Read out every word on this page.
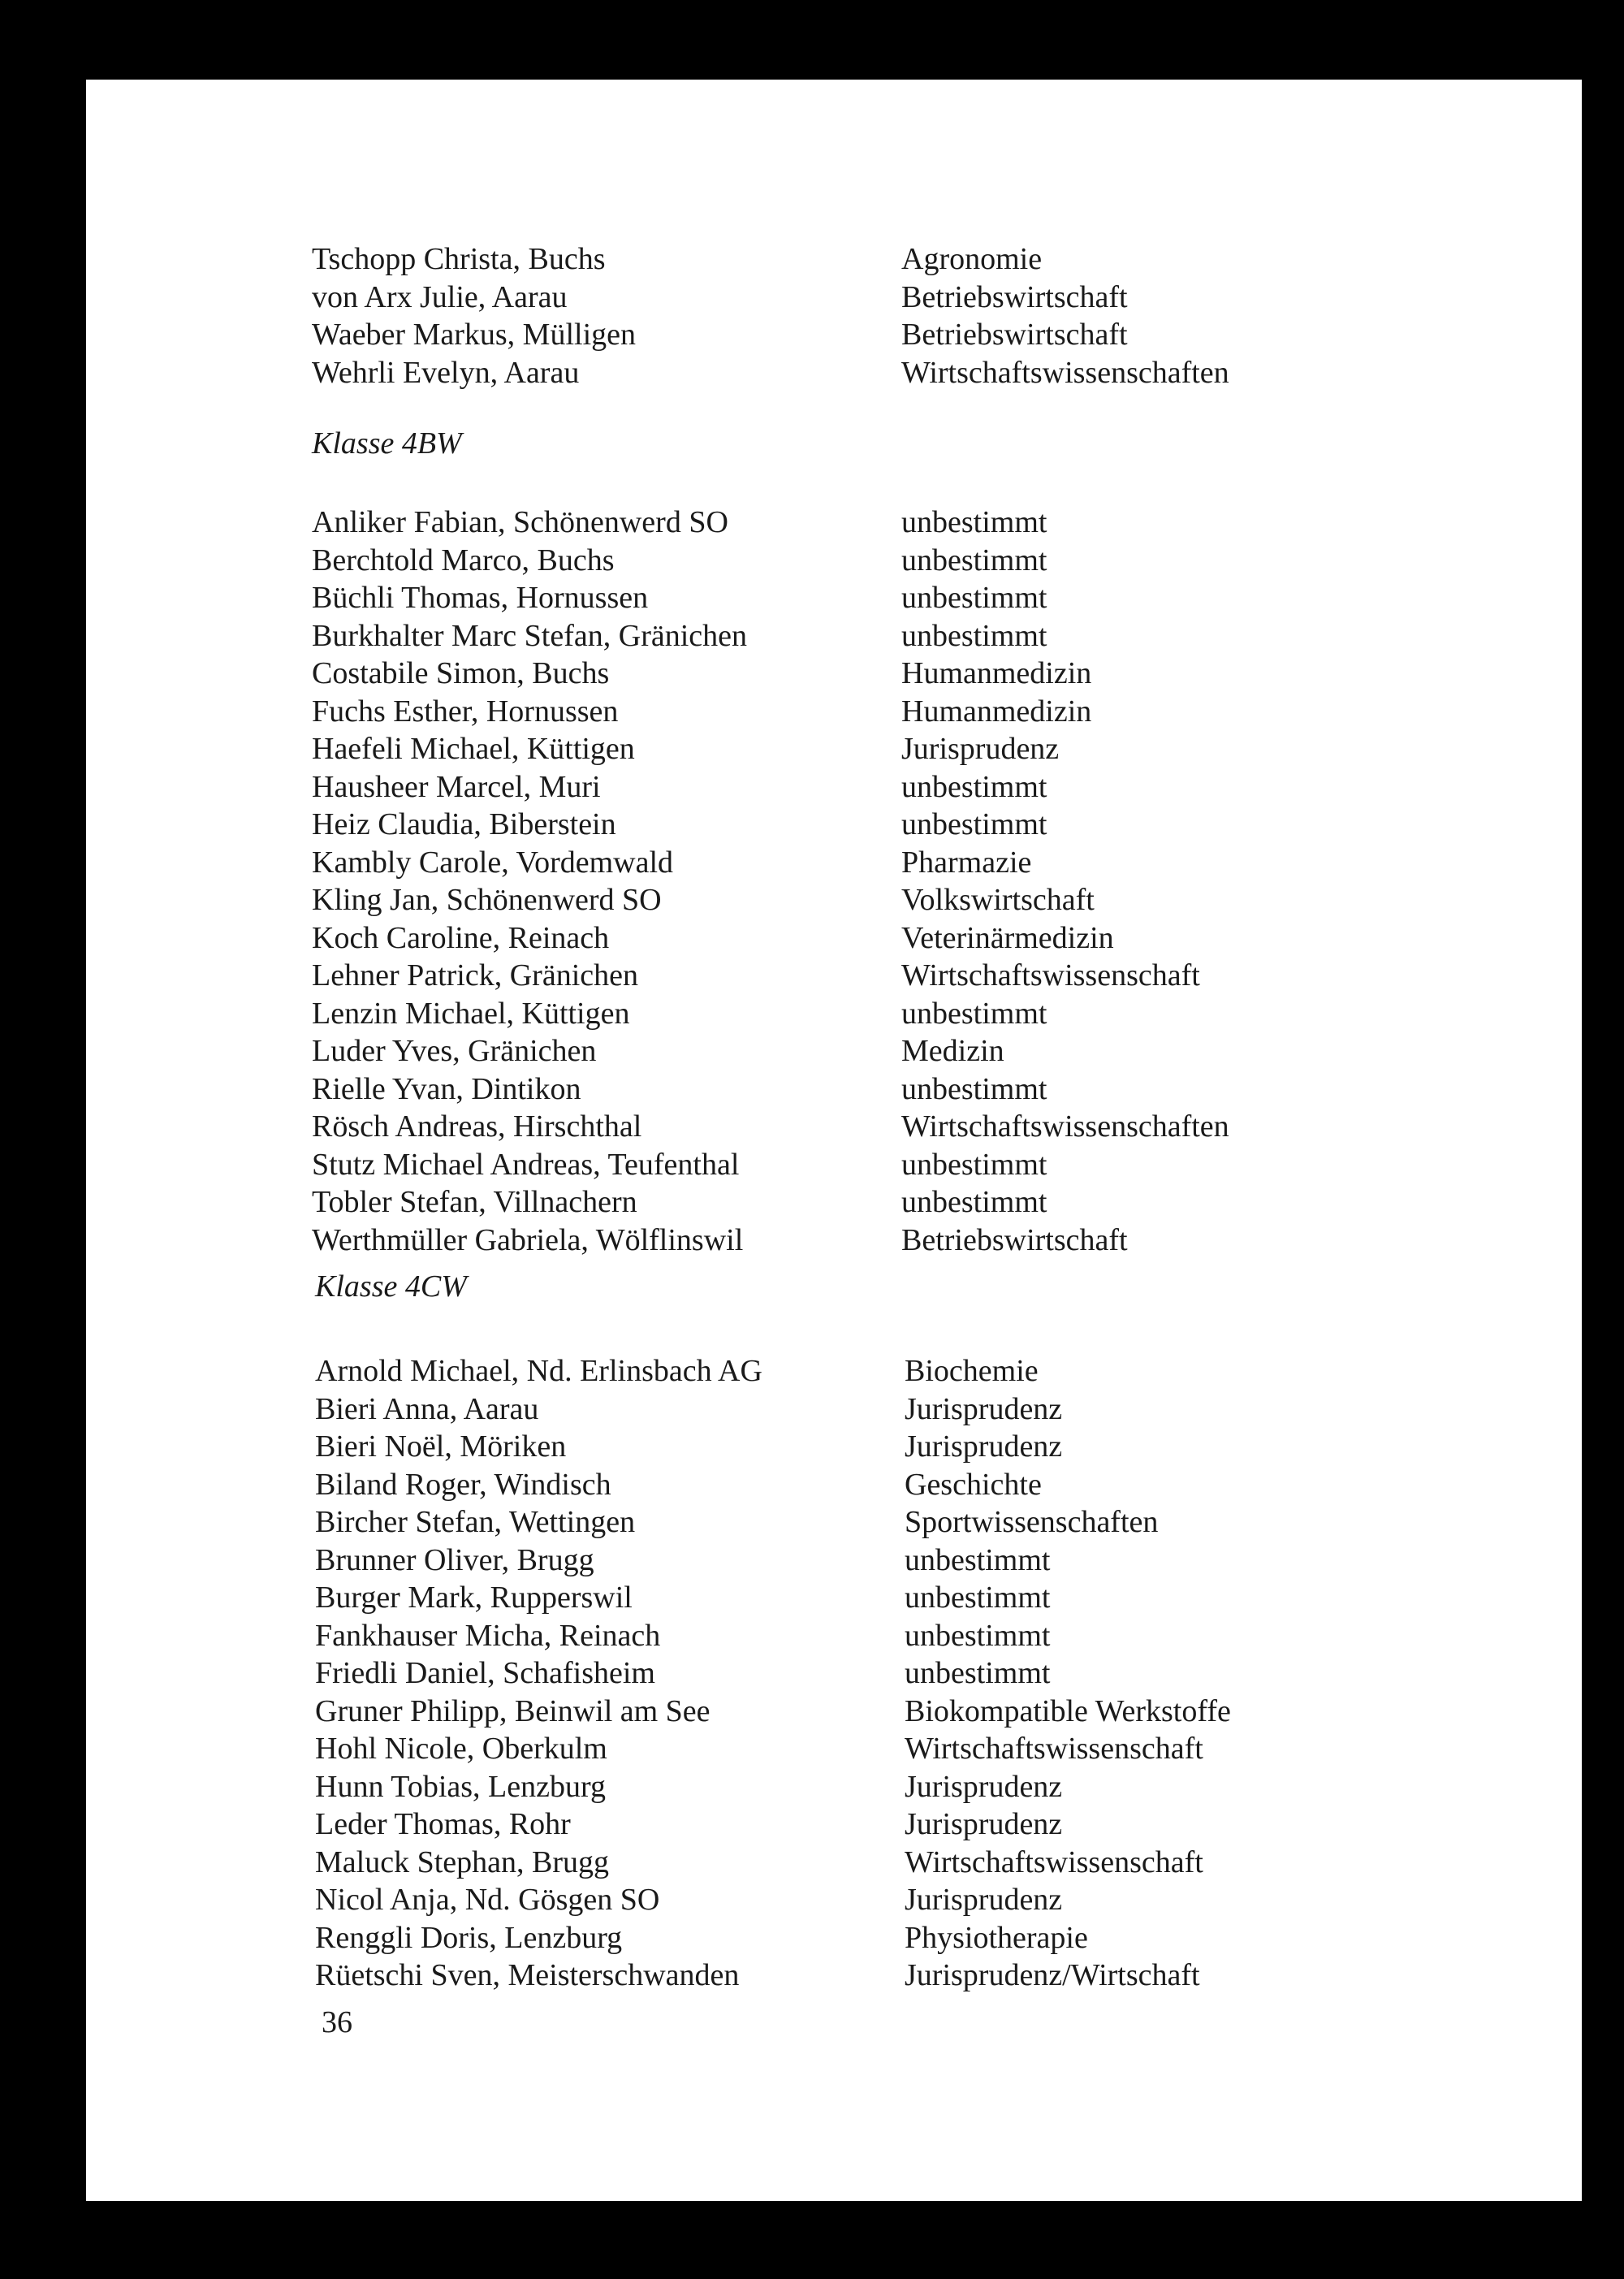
Tschopp Christa, Buchs	Agronomie
von Arx Julie, Aarau	Betriebswirtschaft
Waeber Markus, Mülligen	Betriebswirtschaft
Wehrli Evelyn, Aarau	Wirtschaftswissenschaften
Klasse 4BW
Anliker Fabian, Schönenwerd SO	unbestimmt
Berchtold Marco, Buchs	unbestimmt
Büchli Thomas, Hornussen	unbestimmt
Burkhalter Marc Stefan, Gränichen	unbestimmt
Costabile Simon, Buchs	Humanmedizin
Fuchs Esther, Hornussen	Humanmedizin
Haefeli Michael, Küttigen	Jurisprudenz
Hausheer Marcel, Muri	unbestimmt
Heiz Claudia, Biberstein	unbestimmt
Kambly Carole, Vordemwald	Pharmazie
Kling Jan, Schönenwerd SO	Volkswirtschaft
Koch Caroline, Reinach	Veterinärmedizin
Lehner Patrick, Gränichen	Wirtschaftswissenschaft
Lenzin Michael, Küttigen	unbestimmt
Luder Yves, Gränichen	Medizin
Rielle Yvan, Dintikon	unbestimmt
Rösch Andreas, Hirschthal	Wirtschaftswissenschaften
Stutz Michael Andreas, Teufenthal	unbestimmt
Tobler Stefan, Villnachern	unbestimmt
Werthmüller Gabriela, Wölflinswil	Betriebswirtschaft
Klasse 4CW
Arnold Michael, Nd. Erlinsbach AG	Biochemie
Bieri Anna, Aarau	Jurisprudenz
Bieri Noël, Möriken	Jurisprudenz
Biland Roger, Windisch	Geschichte
Bircher Stefan, Wettingen	Sportwissenschaften
Brunner Oliver, Brugg	unbestimmt
Burger Mark, Rupperswil	unbestimmt
Fankhauser Micha, Reinach	unbestimmt
Friedli Daniel, Schafisheim	unbestimmt
Gruner Philipp, Beinwil am See	Biokompatible Werkstoffe
Hohl Nicole, Oberkulm	Wirtschaftswissenschaft
Hunn Tobias, Lenzburg	Jurisprudenz
Leder Thomas, Rohr	Jurisprudenz
Maluck Stephan, Brugg	Wirtschaftswissenschaft
Nicol Anja, Nd. Gösgen SO	Jurisprudenz
Renggli Doris, Lenzburg	Physiotherapie
Rüetschi Sven, Meisterschwanden	Jurisprudenz/Wirtschaft
36
